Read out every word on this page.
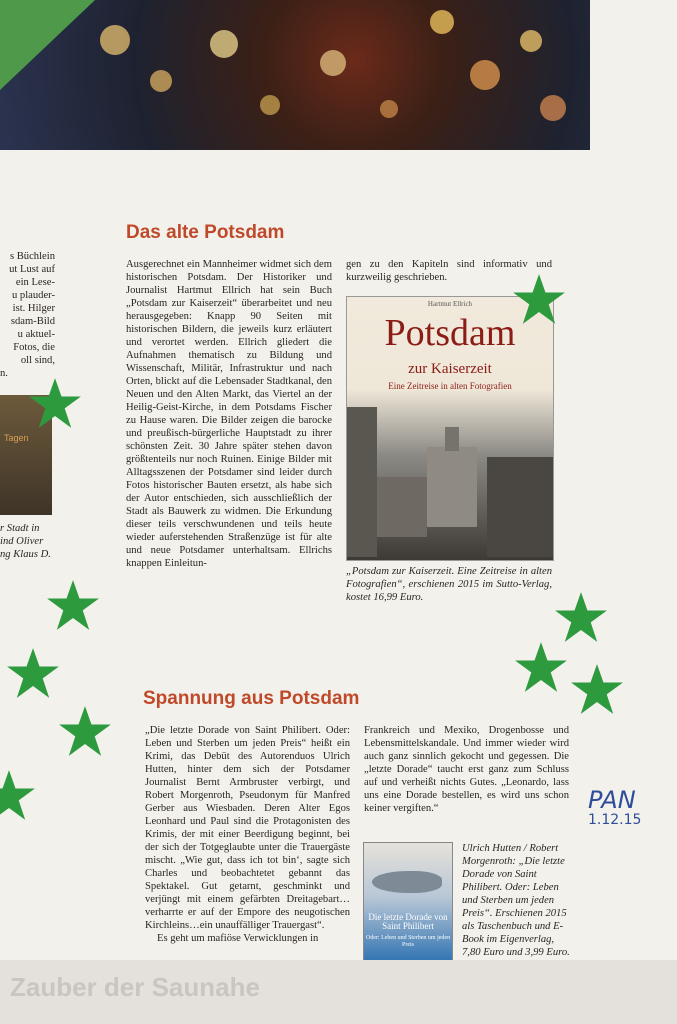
s Büchlein
ut Lust auf
ein Lese-
u plauder-
ist. Hilger
sdam-Bild
u aktuel-
Fotos, die
oll sind,
n.
Tagen
r Stadt in
ind Oliver
ng Klaus D.
Das alte Potsdam

Ausgerechnet ein Mannheimer widmet sich dem historischen Potsdam. Der Historiker und Journalist Hartmut Ellrich hat sein Buch „Potsdam zur Kaiserzeit“ überarbeitet und neu herausgegeben: Knapp 90 Seiten mit historischen Bildern, die jeweils kurz erläutert und verortet werden. Ellrich gliedert die Aufnahmen thematisch zu Bildung und Wissenschaft, Militär, Infrastruktur und nach Orten, blickt auf die Lebensader Stadtkanal, den Neuen und den Alten Markt, das Viertel an der Heilig-Geist-Kirche, in dem Potsdams Fischer zu Hause waren. Die Bilder zeigen die barocke und preußisch-bürgerliche Hauptstadt zu ihrer schönsten Zeit. 30 Jahre später stehen davon größtenteils nur noch Ruinen. Einige Bilder mit Alltagsszenen der Potsdamer sind leider durch Fotos historischer Bauten ersetzt, als habe sich der Autor entschieden, sich ausschließlich der Stadt als Bauwerk zu widmen. Die Erkundung dieser teils verschwundenen und teils heute wieder auferstehenden Straßenzüge ist für alte und neue Potsdamer unterhaltsam. Ellrichs knappen Einleitun-

gen zu den Kapiteln sind informativ und kurzweilig geschrieben.

Hartmut Ellrich
Potsdam
zur Kaiserzeit
Eine Zeitreise in alten Fotografien
„Potsdam zur Kaiserzeit. Eine Zeitreise in alten Fotografien“, erschienen 2015 im Sutto-Verlag, kostet 16,99 Euro.
Spannung aus Potsdam

„Die letzte Dorade von Saint Philibert. Oder: Leben und Sterben um jeden Preis“ heißt ein Krimi, das Debüt des Autorenduos Ulrich Hutten, hinter dem sich der Potsdamer Journalist Bernt Armbruster verbirgt, und Robert Morgenroth, Pseudonym für Manfred Gerber aus Wiesbaden. Deren Alter Egos Leonhard und Paul sind die Protagonisten des Krimis, der mit einer Beerdigung beginnt, bei der sich der Totgeglaubte unter die Trauergäste mischt. „Wie gut, dass ich tot bin‘, sagte sich Charles und beobachtetet gebannt das Spektakel. Gut getarnt, geschminkt und verjüngt mit einem gefärbten Dreitagebart… verharrte er auf der Empore des neugotischen Kirchleins…ein unauffälliger Trauergast“.

Es geht um mafiöse Verwicklungen in

Frankreich und Mexiko, Drogenbosse und Lebensmittelskandale. Und immer wieder wird auch ganz sinnlich gekocht und gegessen. Die „letzte Dorade“ taucht erst ganz zum Schluss auf und verheißt nichts Gutes. „Leonardo, lass uns eine Dorade bestellen, es wird uns schon keiner vergiften.“

Die letzte Dorade von Saint Philibert
Oder: Leben und Sterben um jeden Preis
Ulrich Hutten / Robert Morgenroth: „Die letzte Dorade von Saint Philibert. Oder: Leben und Sterben um jeden Preis“. Erschienen 2015 als Taschenbuch und E-Book im Eigenverlag, 7,80 Euro und 3,99 Euro.
PAN
1.12.15
Zauber der Saunahe
